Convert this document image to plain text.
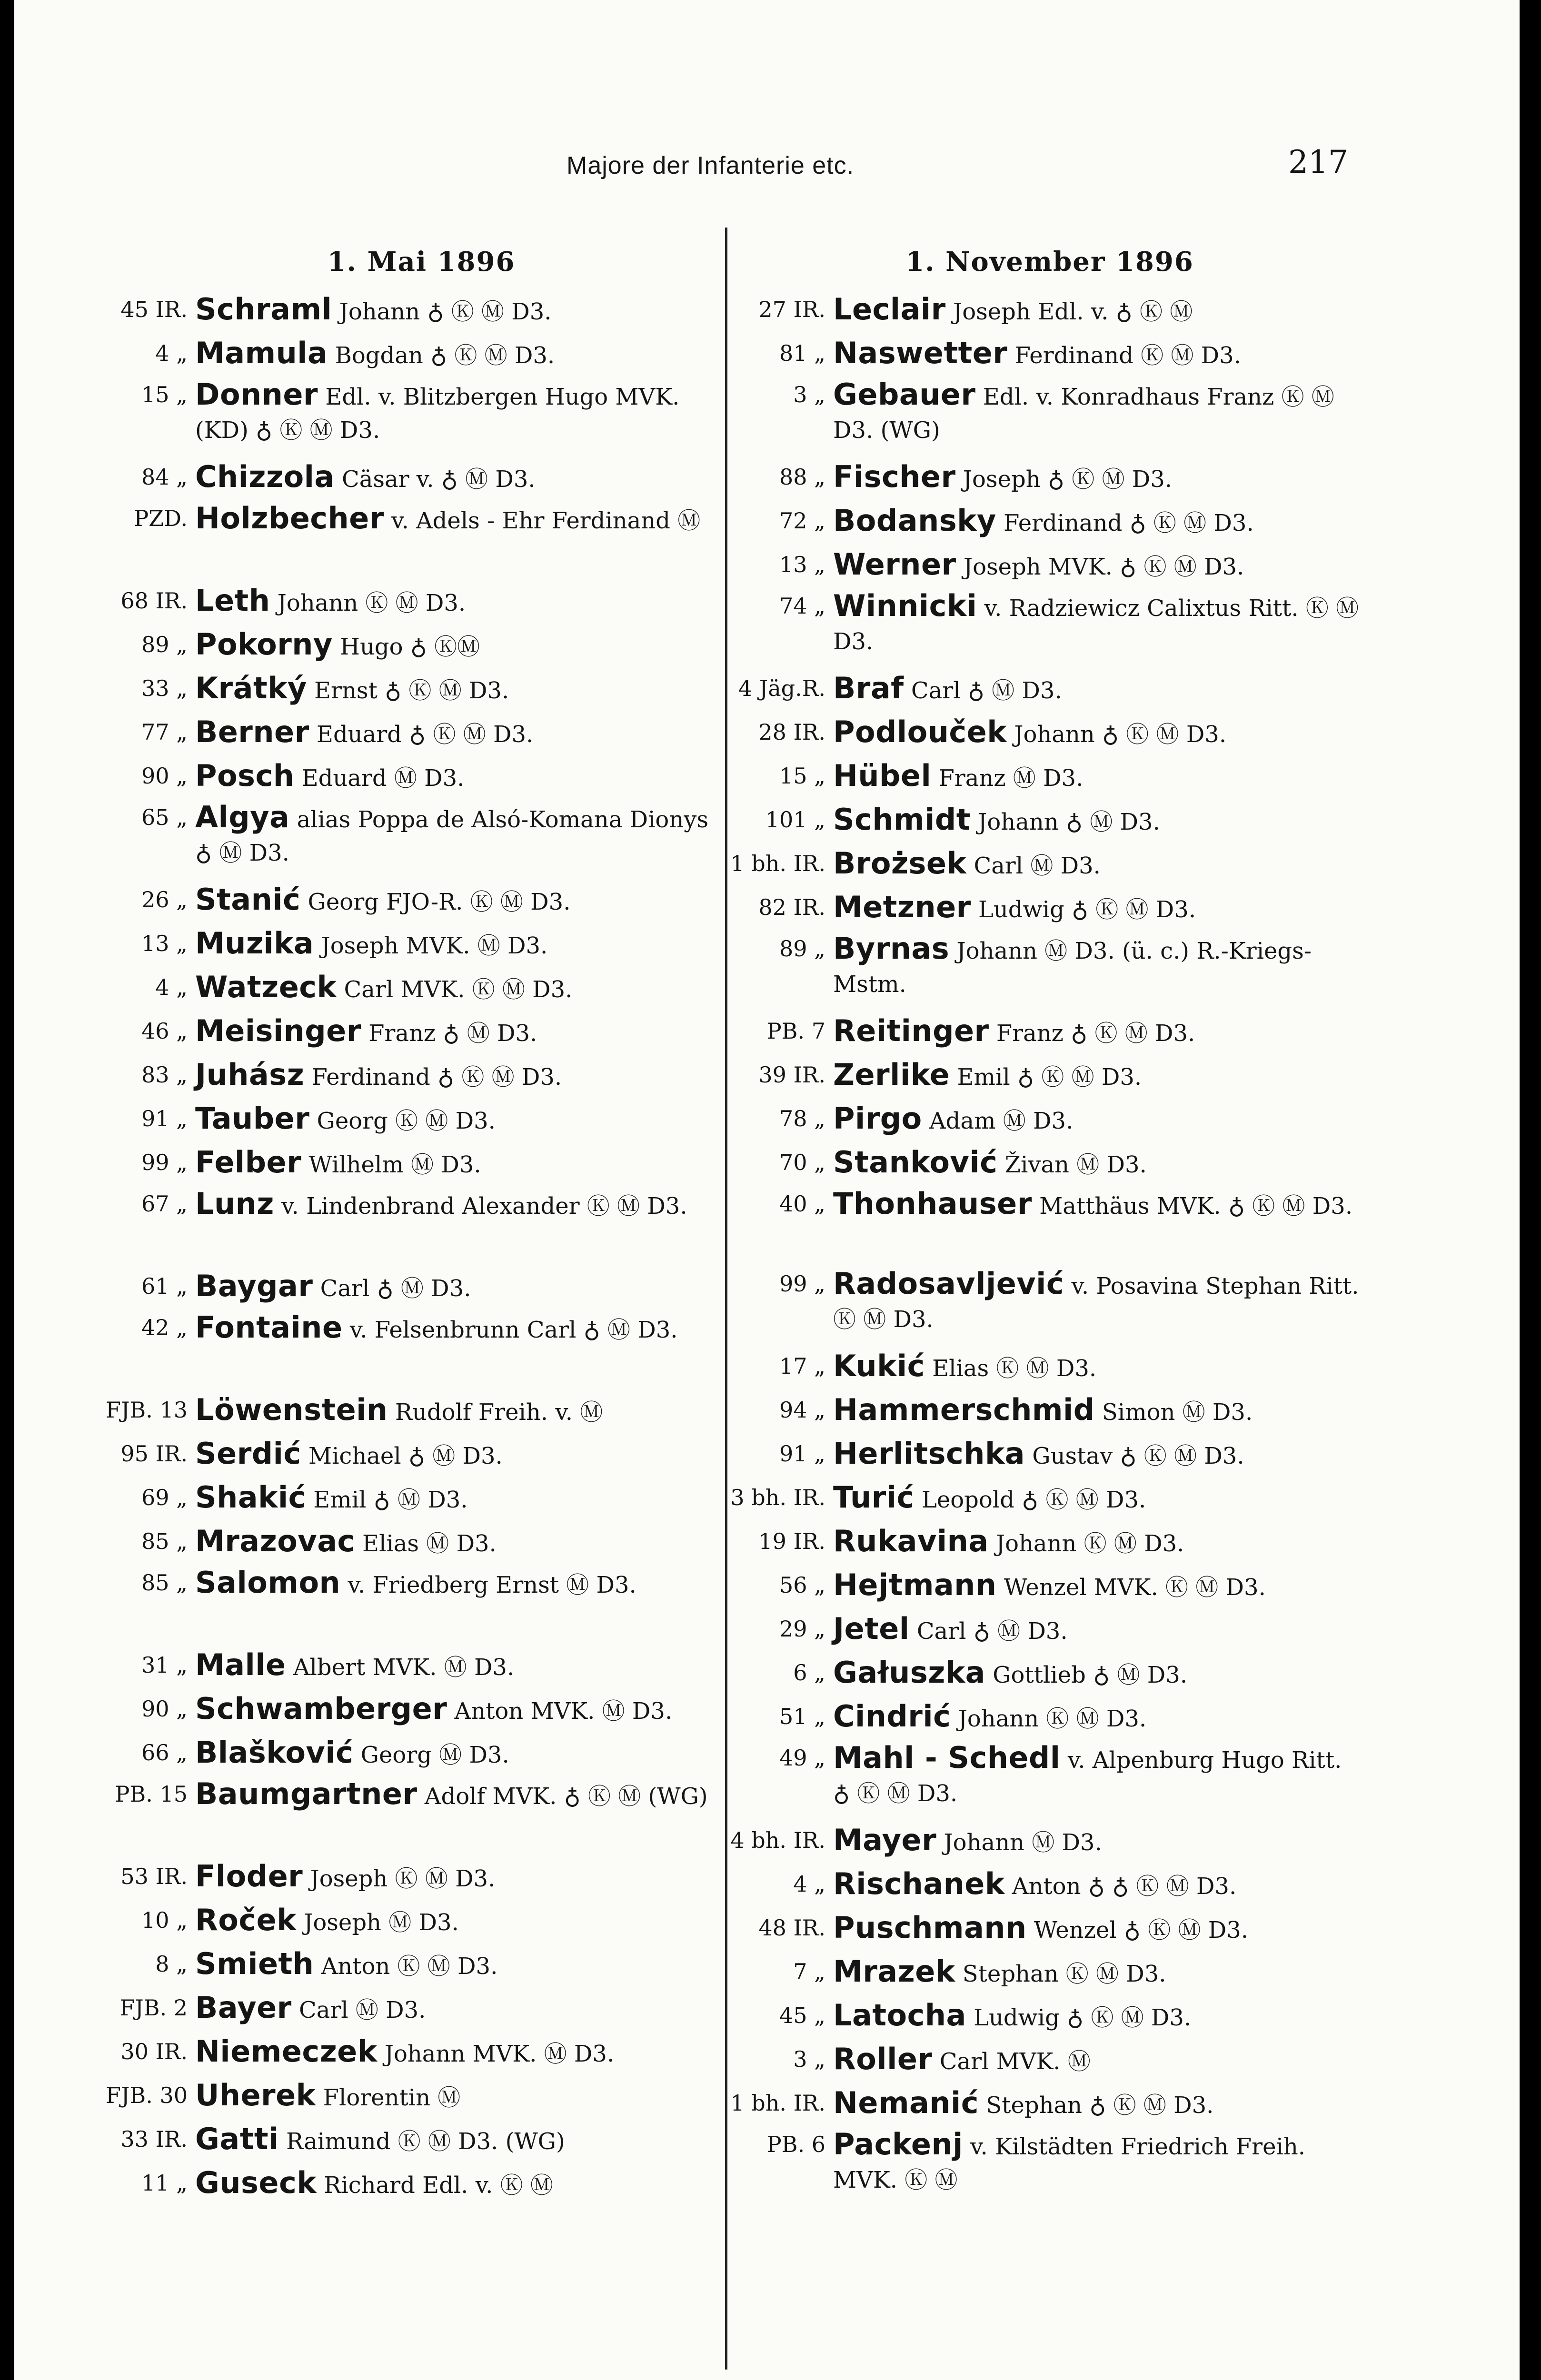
Majore der Infanterie etc.	217
1. Mai 1896
45 IR. Schraml Johann ♁ Ⓚ Ⓜ D3.
4 „ Mamula Bogdan ♁ Ⓚ Ⓜ D3.
15 „ Donner Edl. v. Blitzbergen Hugo MVK. (KD) ♁ Ⓚ Ⓜ D3.
84 „ Chizzola Cäsar v. ♁ Ⓜ D3.
PZD. Holzbecher v. Adels - Ehr Ferdinand Ⓜ
68 IR. Leth Johann Ⓚ Ⓜ D3.
89 „ Pokorny Hugo ♁ ⓀⓂ
33 „ Krátký Ernst ♁ Ⓚ Ⓜ D3.
77 „ Berner Eduard ♁ Ⓚ Ⓜ D3.
90 „ Posch Eduard Ⓜ D3.
65 „ Algya alias Poppa de Alsó-Komana Dionys ♁ Ⓜ D3.
26 „ Stanić Georg FJO-R. Ⓚ Ⓜ D3.
13 „ Muzika Joseph MVK. Ⓜ D3.
4 „ Watzeck Carl MVK. Ⓚ Ⓜ D3.
46 „ Meisinger Franz ♁ Ⓜ D3.
83 „ Juhász Ferdinand ♁ Ⓚ Ⓜ D3.
91 „ Tauber Georg Ⓚ Ⓜ D3.
99 „ Felber Wilhelm Ⓜ D3.
67 „ Lunz v. Lindenbrand Alexander Ⓚ Ⓜ D3.
61 „ Baygar Carl ♁ Ⓜ D3.
42 „ Fontaine v. Felsenbrunn Carl ♁ Ⓜ D3.
FJB. 13 Löwenstein Rudolf Freih. v. Ⓜ
95 IR. Serdić Michael ♁ Ⓜ D3.
69 „ Shakić Emil ♁ Ⓜ D3.
85 „ Mrazovac Elias Ⓜ D3.
85 „ Salomon v. Friedberg Ernst Ⓜ D3.
31 „ Malle Albert MVK. Ⓜ D3.
90 „ Schwamberger Anton MVK. Ⓜ D3.
66 „ Blašković Georg Ⓜ D3.
PB. 15 Baumgartner Adolf MVK. ♁ Ⓚ Ⓜ (WG)
53 IR. Floder Joseph Ⓚ Ⓜ D3.
10 „ Roček Joseph Ⓜ D3.
8 „ Smieth Anton Ⓚ Ⓜ D3.
FJB. 2 Bayer Carl Ⓜ D3.
30 IR. Niemeczek Johann MVK. Ⓜ D3.
FJB. 30 Uherek Florentin Ⓜ
33 IR. Gatti Raimund Ⓚ Ⓜ D3. (WG)
11 „ Guseck Richard Edl. v. Ⓚ Ⓜ
1. November 1896
27 IR. Leclair Joseph Edl. v. ♁ Ⓚ Ⓜ
81 „ Naswetter Ferdinand Ⓚ Ⓜ D3.
3 „ Gebauer Edl. v. Konradhaus Franz Ⓚ Ⓜ D3. (WG)
88 „ Fischer Joseph ♁ Ⓚ Ⓜ D3.
72 „ Bodansky Ferdinand ♁ Ⓚ Ⓜ D3.
13 „ Werner Joseph MVK. ♁ Ⓚ Ⓜ D3.
74 „ Winnicki v. Radziewicz Calixtus Ritt. Ⓚ Ⓜ D3.
4 Jäg.R. Braf Carl ♁ Ⓜ D3.
28 IR. Podlouček Johann ♁ Ⓚ Ⓜ D3.
15 „ Hübel Franz Ⓜ D3.
101 „ Schmidt Johann ♁ Ⓜ D3.
1 bh. IR. Brożsek Carl Ⓜ D3.
82 IR. Metzner Ludwig ♁ Ⓚ Ⓜ D3.
89 „ Byrnas Johann Ⓜ D3. (ü. c.) R.-Kriegs-Mstm.
PB. 7 Reitinger Franz ♁ Ⓚ Ⓜ D3.
39 IR. Zerlike Emil ♁ Ⓚ Ⓜ D3.
78 „ Pirgo Adam Ⓜ D3.
70 „ Stanković Živan Ⓜ D3.
40 „ Thonhauser Matthäus MVK. ♁ Ⓚ Ⓜ D3.
99 „ Radosavljević v. Posavina Stephan Ritt. Ⓚ Ⓜ D3.
17 „ Kukić Elias Ⓚ Ⓜ D3.
94 „ Hammerschmid Simon Ⓜ D3.
91 „ Herlitschka Gustav ♁ Ⓚ Ⓜ D3.
3 bh. IR. Turić Leopold ♁ Ⓚ Ⓜ D3.
19 IR. Rukavina Johann Ⓚ Ⓜ D3.
56 „ Hejtmann Wenzel MVK. Ⓚ Ⓜ D3.
29 „ Jetel Carl ♁ Ⓜ D3.
6 „ Gałuszka Gottlieb ♁ Ⓜ D3.
51 „ Cindrić Johann Ⓚ Ⓜ D3.
49 „ Mahl - Schedl v. Alpenburg Hugo Ritt. ♁ Ⓚ Ⓜ D3.
4 bh. IR. Mayer Johann Ⓜ D3.
4 „ Rischanek Anton ♁ ♁ Ⓚ Ⓜ D3.
48 IR. Puschmann Wenzel ♁ Ⓚ Ⓜ D3.
7 „ Mrazek Stephan Ⓚ Ⓜ D3.
45 „ Latocha Ludwig ♁ Ⓚ Ⓜ D3.
3 „ Roller Carl MVK. Ⓜ
1 bh. IR. Nemanić Stephan ♁ Ⓚ Ⓜ D3.
PB. 6 Packenj v. Kilstädten Friedrich Freih. MVK. Ⓚ Ⓜ
